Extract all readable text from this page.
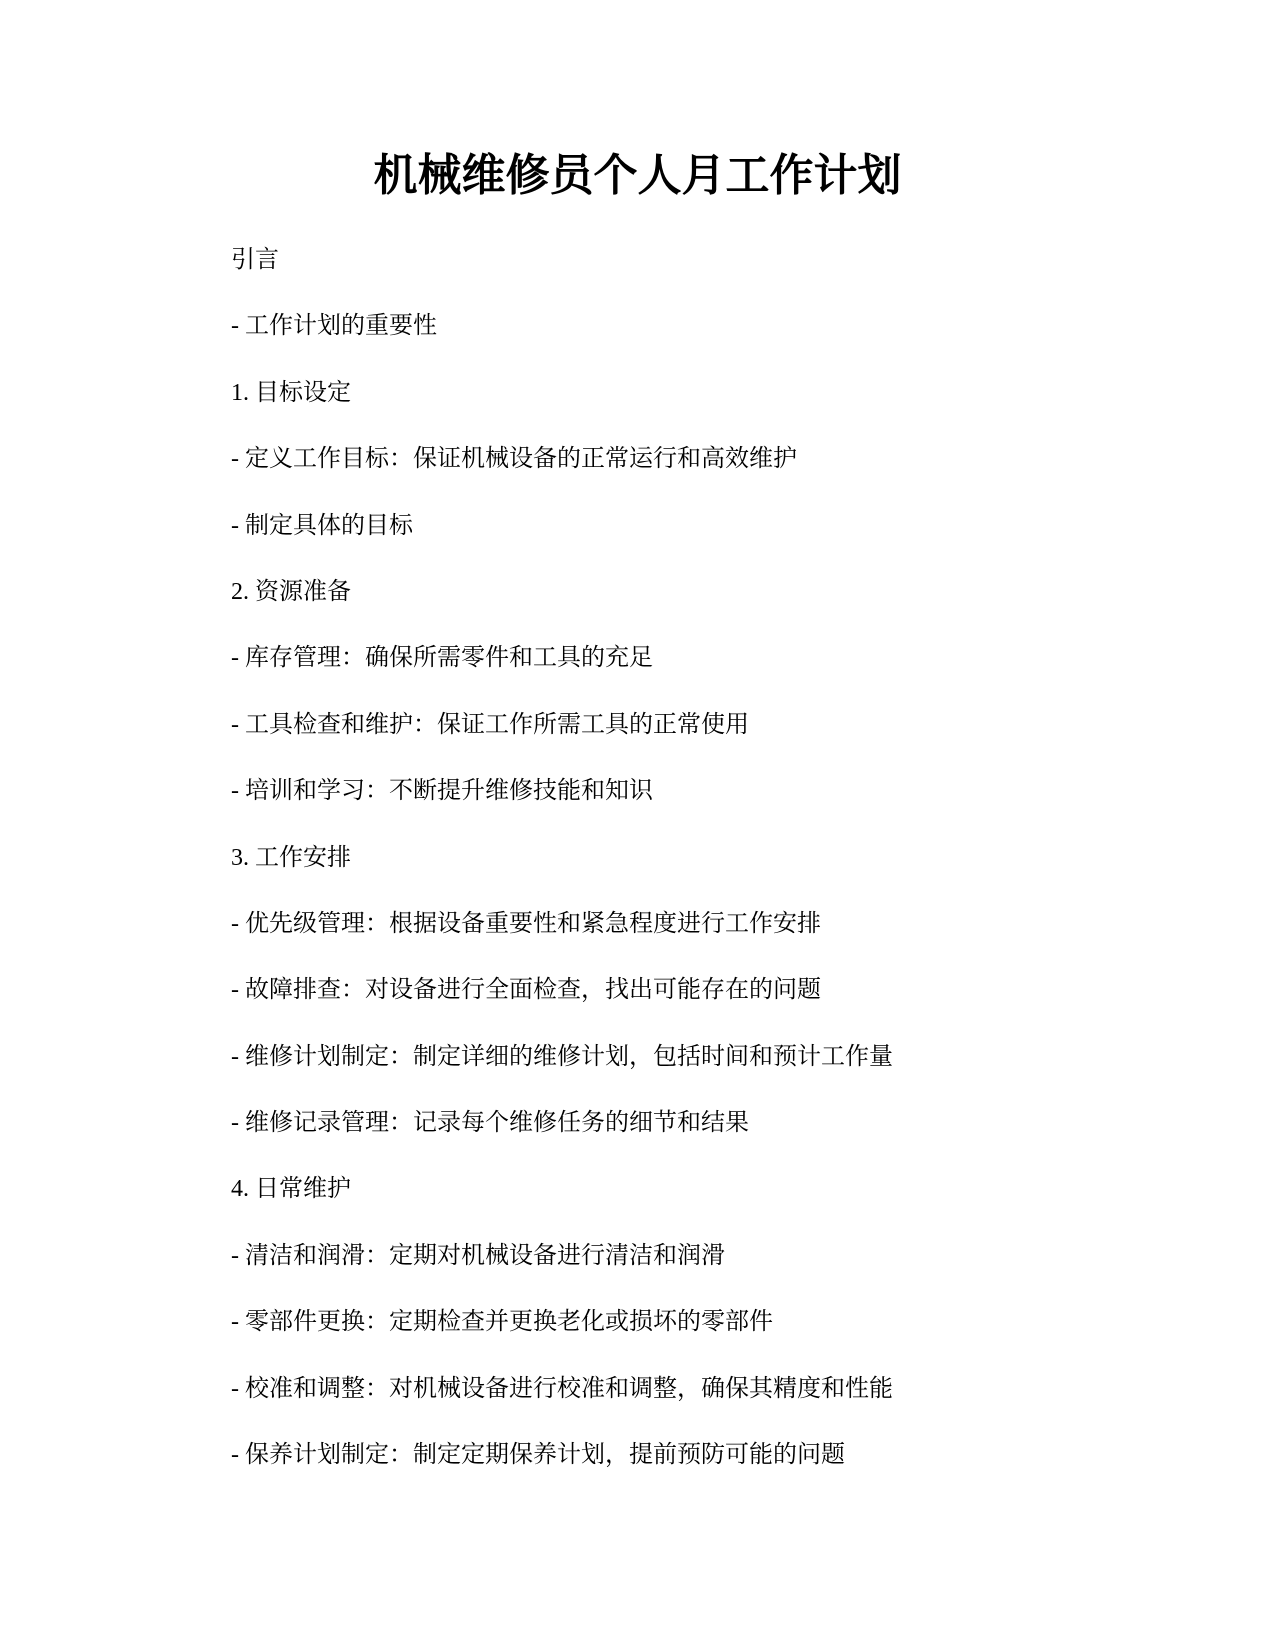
机械维修员个人月工作计划
引言
- 工作计划的重要性
1. 目标设定
- 定义工作目标：保证机械设备的正常运行和高效维护
- 制定具体的目标
2. 资源准备
- 库存管理：确保所需零件和工具的充足
- 工具检查和维护：保证工作所需工具的正常使用
- 培训和学习：不断提升维修技能和知识
3. 工作安排
- 优先级管理：根据设备重要性和紧急程度进行工作安排
- 故障排查：对设备进行全面检查，找出可能存在的问题
- 维修计划制定：制定详细的维修计划，包括时间和预计工作量
- 维修记录管理：记录每个维修任务的细节和结果
4. 日常维护
- 清洁和润滑：定期对机械设备进行清洁和润滑
- 零部件更换：定期检查并更换老化或损坏的零部件
- 校准和调整：对机械设备进行校准和调整，确保其精度和性能
- 保养计划制定：制定定期保养计划，提前预防可能的问题
